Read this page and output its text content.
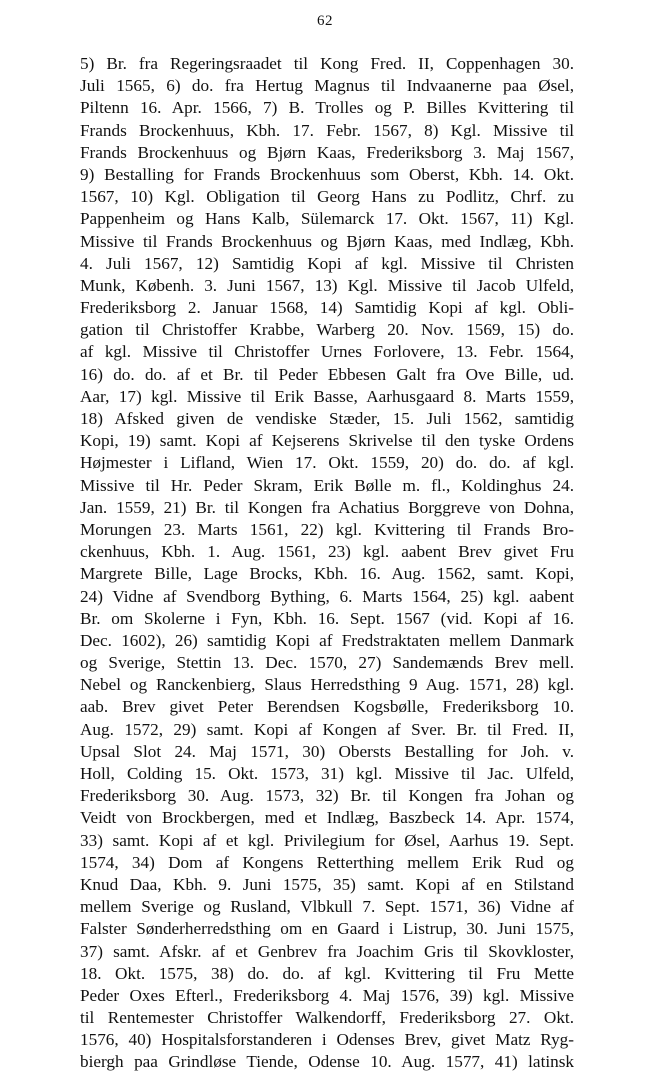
62
5) Br. fra Regeringsraadet til Kong Fred. II, Coppenhagen 30.
Juli 1565, 6) do. fra Hertug Magnus til Indvaanerne paa Øsel,
Piltenn 16. Apr. 1566, 7) B. Trolles og P. Billes Kvittering til
Frands Brockenhuus, Kbh. 17. Febr. 1567, 8) Kgl. Missive til
Frands Brockenhuus og Bjørn Kaas, Frederiksborg 3. Maj 1567,
9) Bestalling for Frands Brockenhuus som Oberst, Kbh. 14. Okt.
1567, 10) Kgl. Obligation til Georg Hans zu Podlitz, Chrf. zu
Pappenheim og Hans Kalb, Sülemarck 17. Okt. 1567, 11) Kgl.
Missive til Frands Brockenhuus og Bjørn Kaas, med Indlæg, Kbh.
4. Juli 1567, 12) Samtidig Kopi af kgl. Missive til Christen
Munk, Københ. 3. Juni 1567, 13) Kgl. Missive til Jacob Ulfeld,
Frederiksborg 2. Januar 1568, 14) Samtidig Kopi af kgl. Obli-
gation til Christoffer Krabbe, Warberg 20. Nov. 1569, 15) do.
af kgl. Missive til Christoffer Urnes Forlovere, 13. Febr. 1564,
16) do. do. af et Br. til Peder Ebbesen Galt fra Ove Bille, ud.
Aar, 17) kgl. Missive til Erik Basse, Aarhusgaard 8. Marts 1559,
18) Afsked given de vendiske Stæder, 15. Juli 1562, samtidig
Kopi, 19) samt. Kopi af Kejserens Skrivelse til den tyske Ordens
Højmester i Lifland, Wien 17. Okt. 1559, 20) do. do. af kgl.
Missive til Hr. Peder Skram, Erik Bølle m. fl., Koldinghus 24.
Jan. 1559, 21) Br. til Kongen fra Achatius Borggreve von Dohna,
Morungen 23. Marts 1561, 22) kgl. Kvittering til Frands Bro-
ckenhuus, Kbh. 1. Aug. 1561, 23) kgl. aabent Brev givet Fru
Margrete Bille, Lage Brocks, Kbh. 16. Aug. 1562, samt. Kopi,
24) Vidne af Svendborg Bything, 6. Marts 1564, 25) kgl. aabent
Br. om Skolerne i Fyn, Kbh. 16. Sept. 1567 (vid. Kopi af 16.
Dec. 1602), 26) samtidig Kopi af Fredstraktaten mellem Danmark
og Sverige, Stettin 13. Dec. 1570, 27) Sandemænds Brev mell.
Nebel og Ranckenbierg, Slaus Herredsthing 9 Aug. 1571, 28) kgl.
aab. Brev givet Peter Berendsen Kogsbølle, Frederiksborg 10.
Aug. 1572, 29) samt. Kopi af Kongen af Sver. Br. til Fred. II,
Upsal Slot 24. Maj 1571, 30) Obersts Bestalling for Joh. v.
Holl, Colding 15. Okt. 1573, 31) kgl. Missive til Jac. Ulfeld,
Frederiksborg 30. Aug. 1573, 32) Br. til Kongen fra Johan og
Veidt von Brockbergen, med et Indlæg, Baszbeck 14. Apr. 1574,
33) samt. Kopi af et kgl. Privilegium for Øsel, Aarhus 19. Sept.
1574, 34) Dom af Kongens Retterthing mellem Erik Rud og
Knud Daa, Kbh. 9. Juni 1575, 35) samt. Kopi af en Stilstand
mellem Sverige og Rusland, Vlbkull 7. Sept. 1571, 36) Vidne af
Falster Sønderherredsthing om en Gaard i Listrup, 30. Juni 1575,
37) samt. Afskr. af et Genbrev fra Joachim Gris til Skovkloster,
18. Okt. 1575, 38) do. do. af kgl. Kvittering til Fru Mette
Peder Oxes Efterl., Frederiksborg 4. Maj 1576, 39) kgl. Missive
til Rentemester Christoffer Walkendorff, Frederiksborg 27. Okt.
1576, 40) Hospitalsforstanderen i Odenses Brev, givet Matz Ryg-
biergh paa Grindløse Tiende, Odense 10. Aug. 1577, 41) latinsk
